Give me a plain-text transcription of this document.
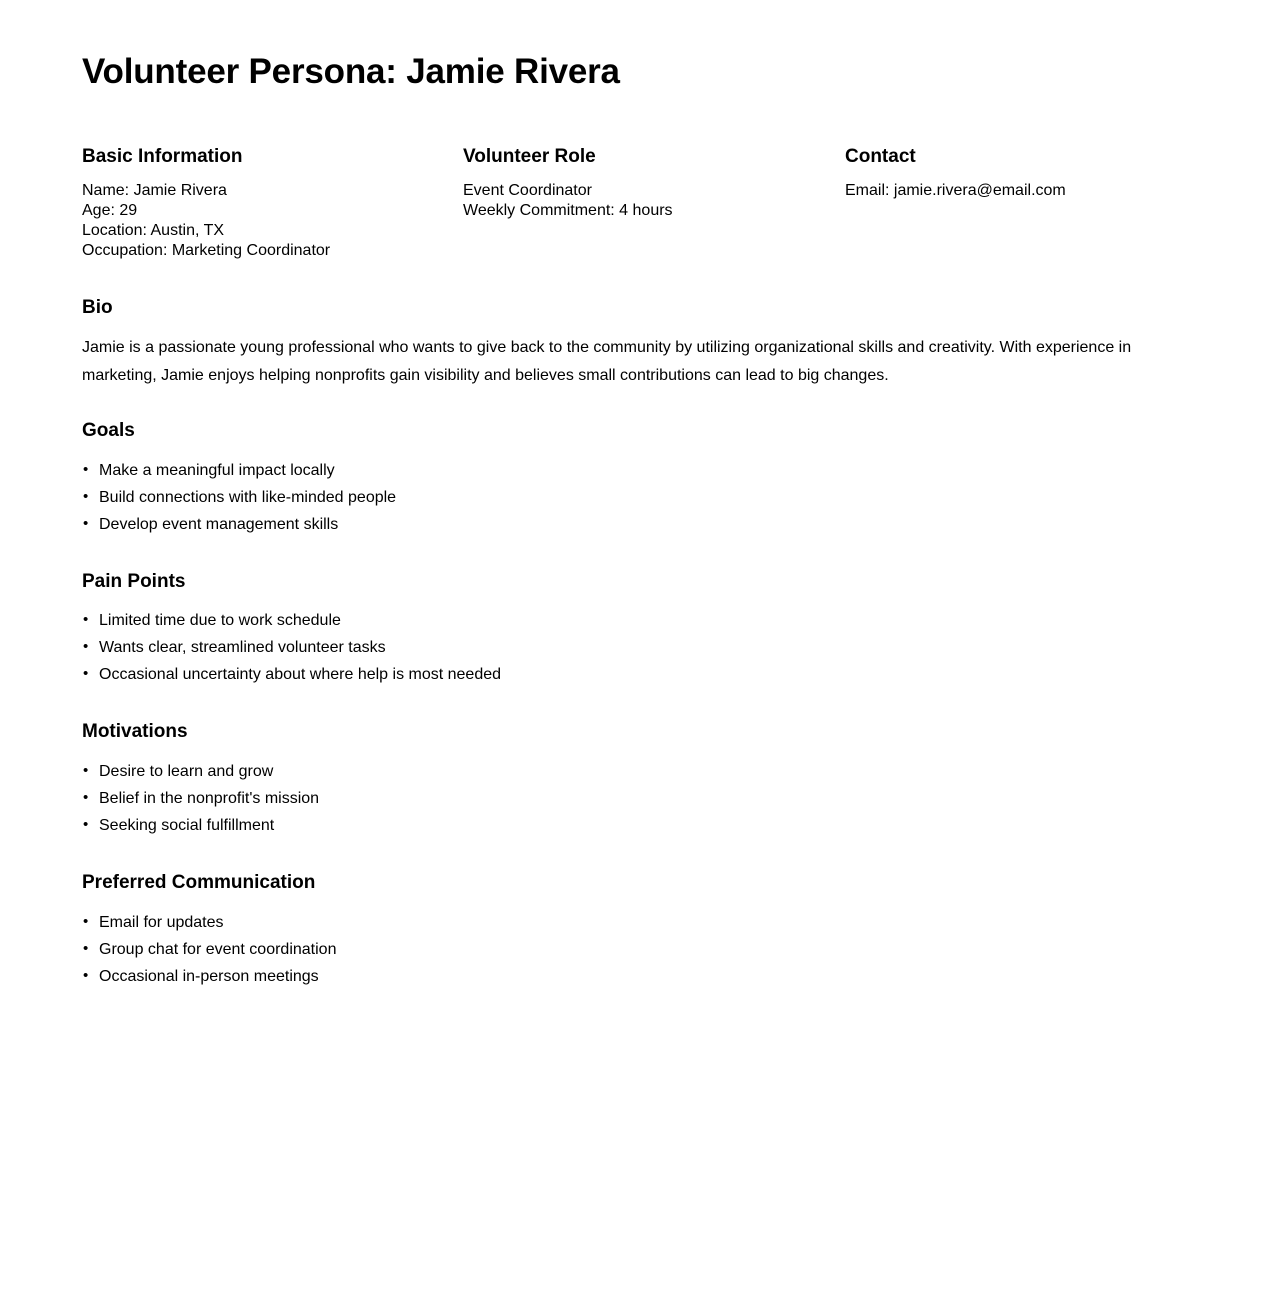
Volunteer Persona: Jamie Rivera
Basic Information

Name: Jamie Rivera

Age: 29

Location: Austin, TX

Occupation: Marketing Coordinator

Volunteer Role

Event Coordinator

Weekly Commitment: 4 hours

Contact

Email: jamie.rivera@email.com

Bio

Jamie is a passionate young professional who wants to give back to the community by utilizing organizational skills and creativity. With experience in marketing, Jamie enjoys helping nonprofits gain visibility and believes small contributions can lead to big changes.

Goals
• Make a meaningful impact locally
• Build connections with like-minded people
• Develop event management skills
Pain Points
• Limited time due to work schedule
• Wants clear, streamlined volunteer tasks
• Occasional uncertainty about where help is most needed
Motivations
• Desire to learn and grow
• Belief in the nonprofit's mission
• Seeking social fulfillment
Preferred Communication
• Email for updates
• Group chat for event coordination
• Occasional in-person meetings
